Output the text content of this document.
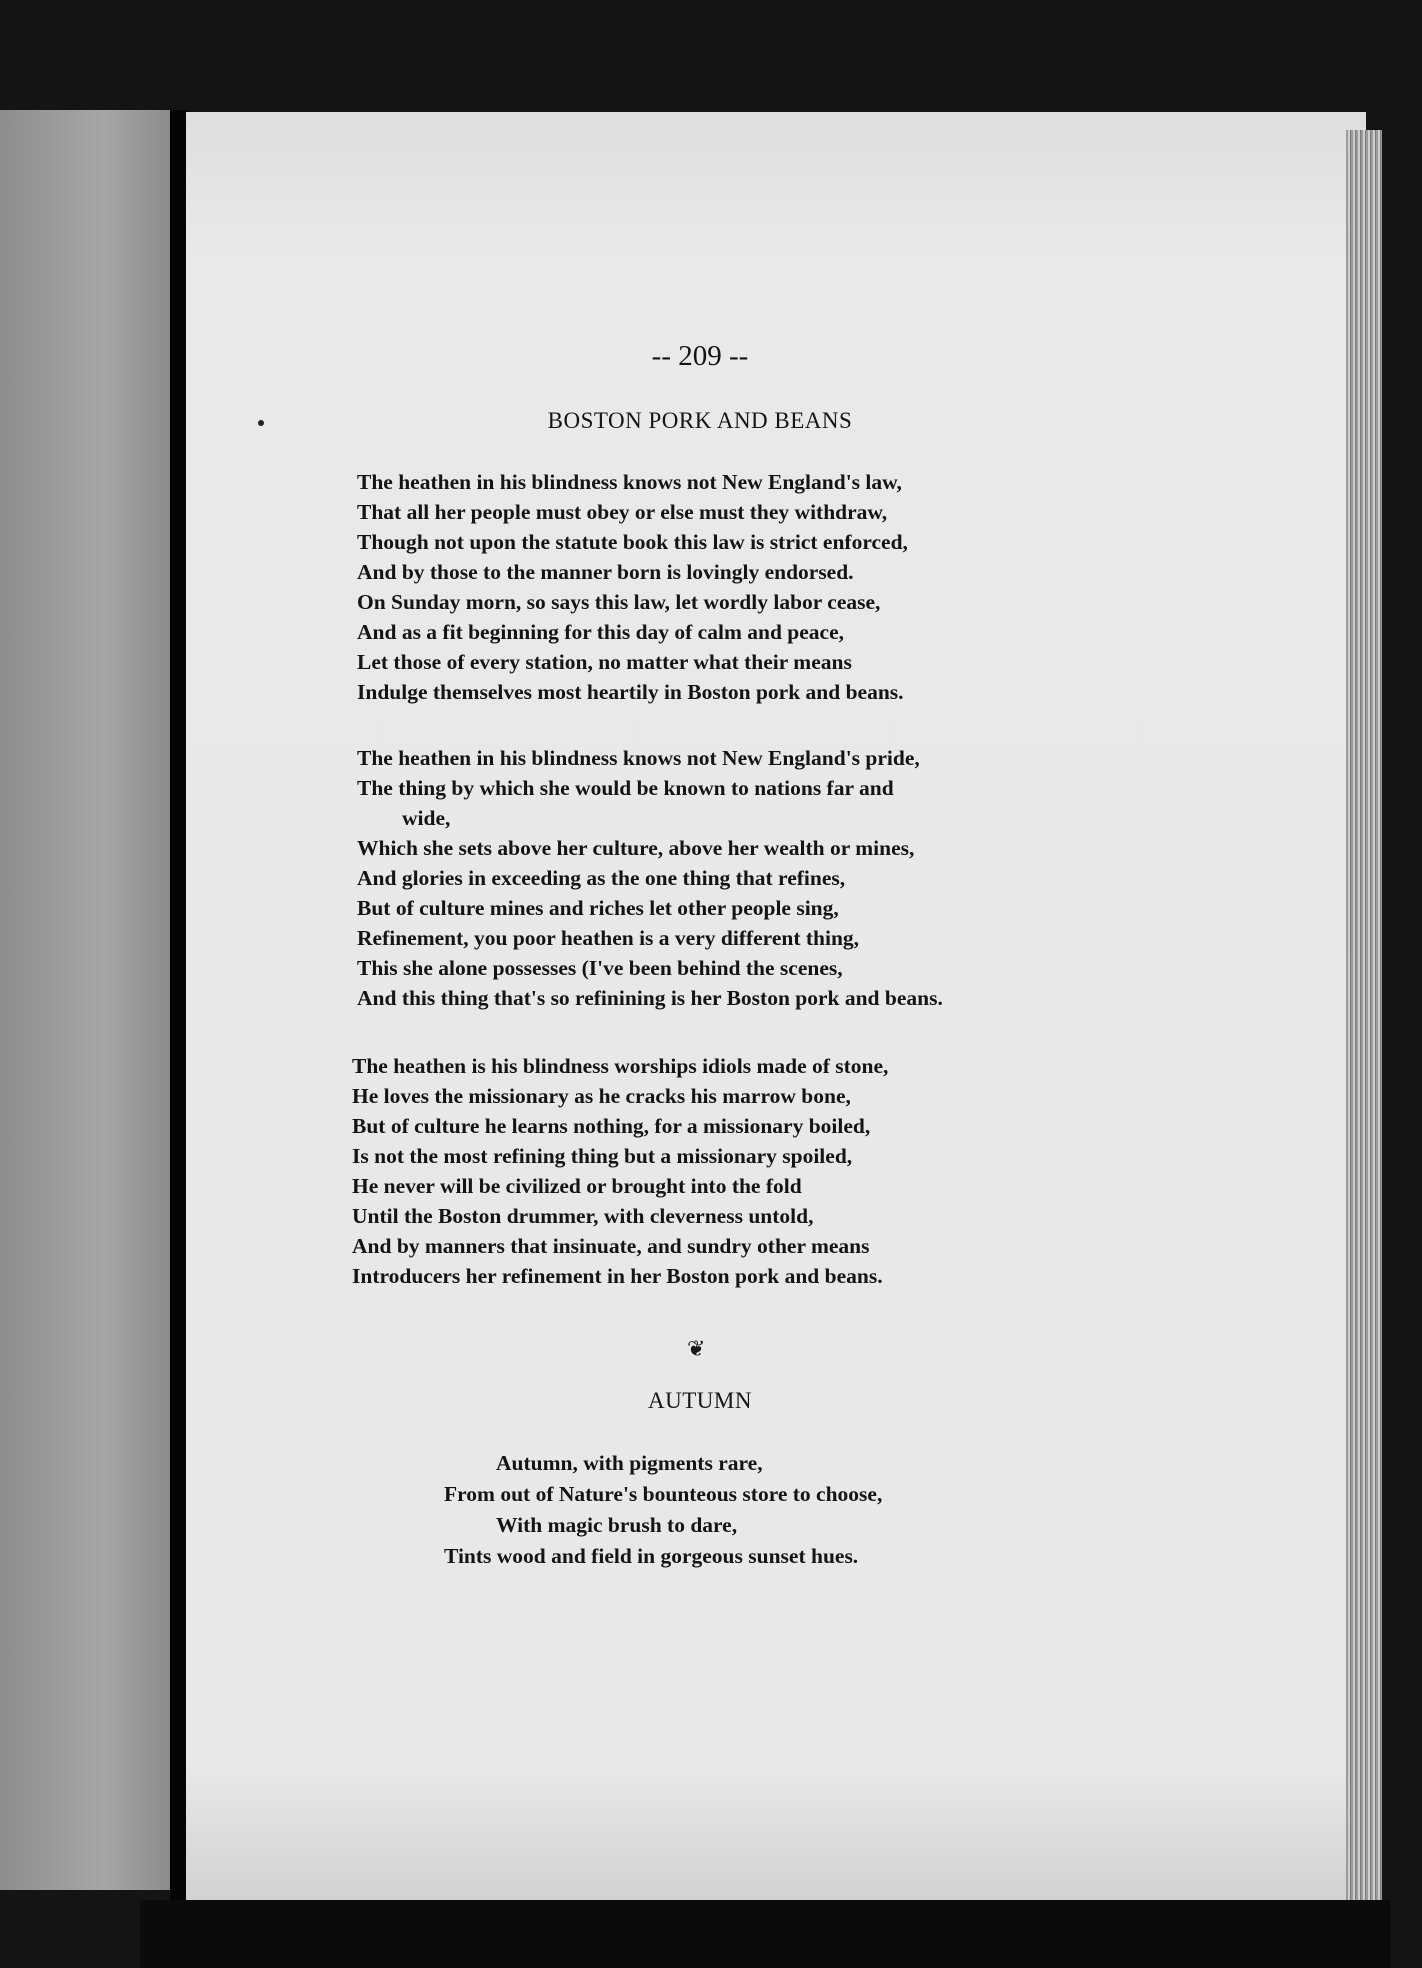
-- 209 --
BOSTON PORK AND BEANS
The heathen in his blindness knows not New England's law,
That all her people must obey or else must they withdraw,
Though not upon the statute book this law is strict enforced,
And by those to the manner born is lovingly endorsed.
On Sunday morn, so says this law, let wordly labor cease,
And as a fit beginning for this day of calm and peace,
Let those of every station, no matter what their means
Indulge themselves most heartily in Boston pork and beans.
The heathen in his blindness knows not New England's pride,
The thing by which she would be known to nations far and
wide,
Which she sets above her culture, above her wealth or mines,
And glories in exceeding as the one thing that refines,
But of culture mines and riches let other people sing,
Refinement, you poor heathen is a very different thing,
This she alone possesses (I've been behind the scenes,
And this thing that's so refinining is her Boston pork and beans.
The heathen is his blindness worships idiols made of stone,
He loves the missionary as he cracks his marrow bone,
But of culture he learns nothing, for a missionary boiled,
Is not the most refining thing but a missionary spoiled,
He never will be civilized or brought into the fold
Until the Boston drummer, with cleverness untold,
And by manners that insinuate, and sundry other means
Introducers her refinement in her Boston pork and beans.
❦
AUTUMN
Autumn, with pigments rare,
From out of Nature's bounteous store to choose,
With magic brush to dare,
Tints wood and field in gorgeous sunset hues.
